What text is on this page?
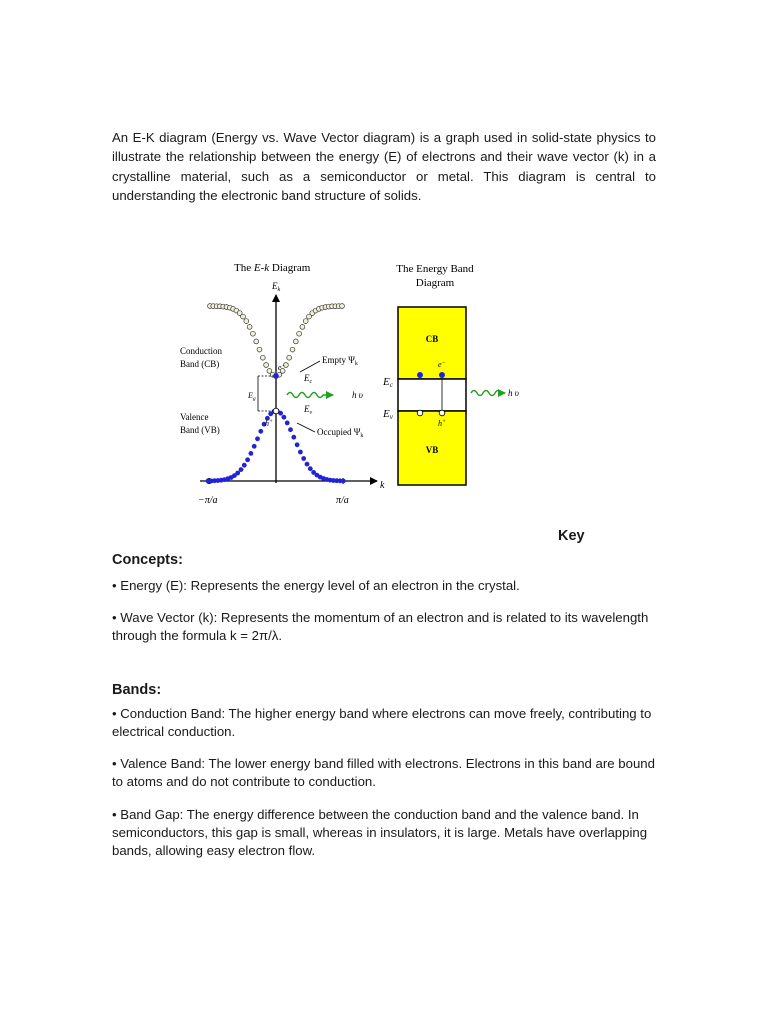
An E-K diagram (Energy vs. Wave Vector diagram) is a graph used in solid-state physics to illustrate the relationship between the energy (E) of electrons and their wave vector (k) in a crystalline material, such as a semiconductor or metal. This diagram is central to understanding the electronic band structure of solids.

The E-k Diagram
$E_k$
k
−π/a	π/a
Conduction
Band (CB)
Valence
Band (VB)
Empty $\Psi_k$
Occupied $\Psi_k$
$E_c$
$E_v$
$E_g$
e−
h+
h υ
The Energy Band
Diagram
CB
VB
Ec
Ev
e−
h+
h υ

Key

Concepts:

• Energy (E): Represents the energy level of an electron in the crystal.

• Wave Vector (k): Represents the momentum of an electron and is related to its wavelength through the formula k = 2π/λ.

Bands:

• Conduction Band: The higher energy band where electrons can move freely, contributing to electrical conduction.

• Valence Band: The lower energy band filled with electrons. Electrons in this band are bound to atoms and do not contribute to conduction.

• Band Gap: The energy difference between the conduction band and the valence band. In semiconductors, this gap is small, whereas in insulators, it is large. Metals have overlapping bands, allowing easy electron flow.
